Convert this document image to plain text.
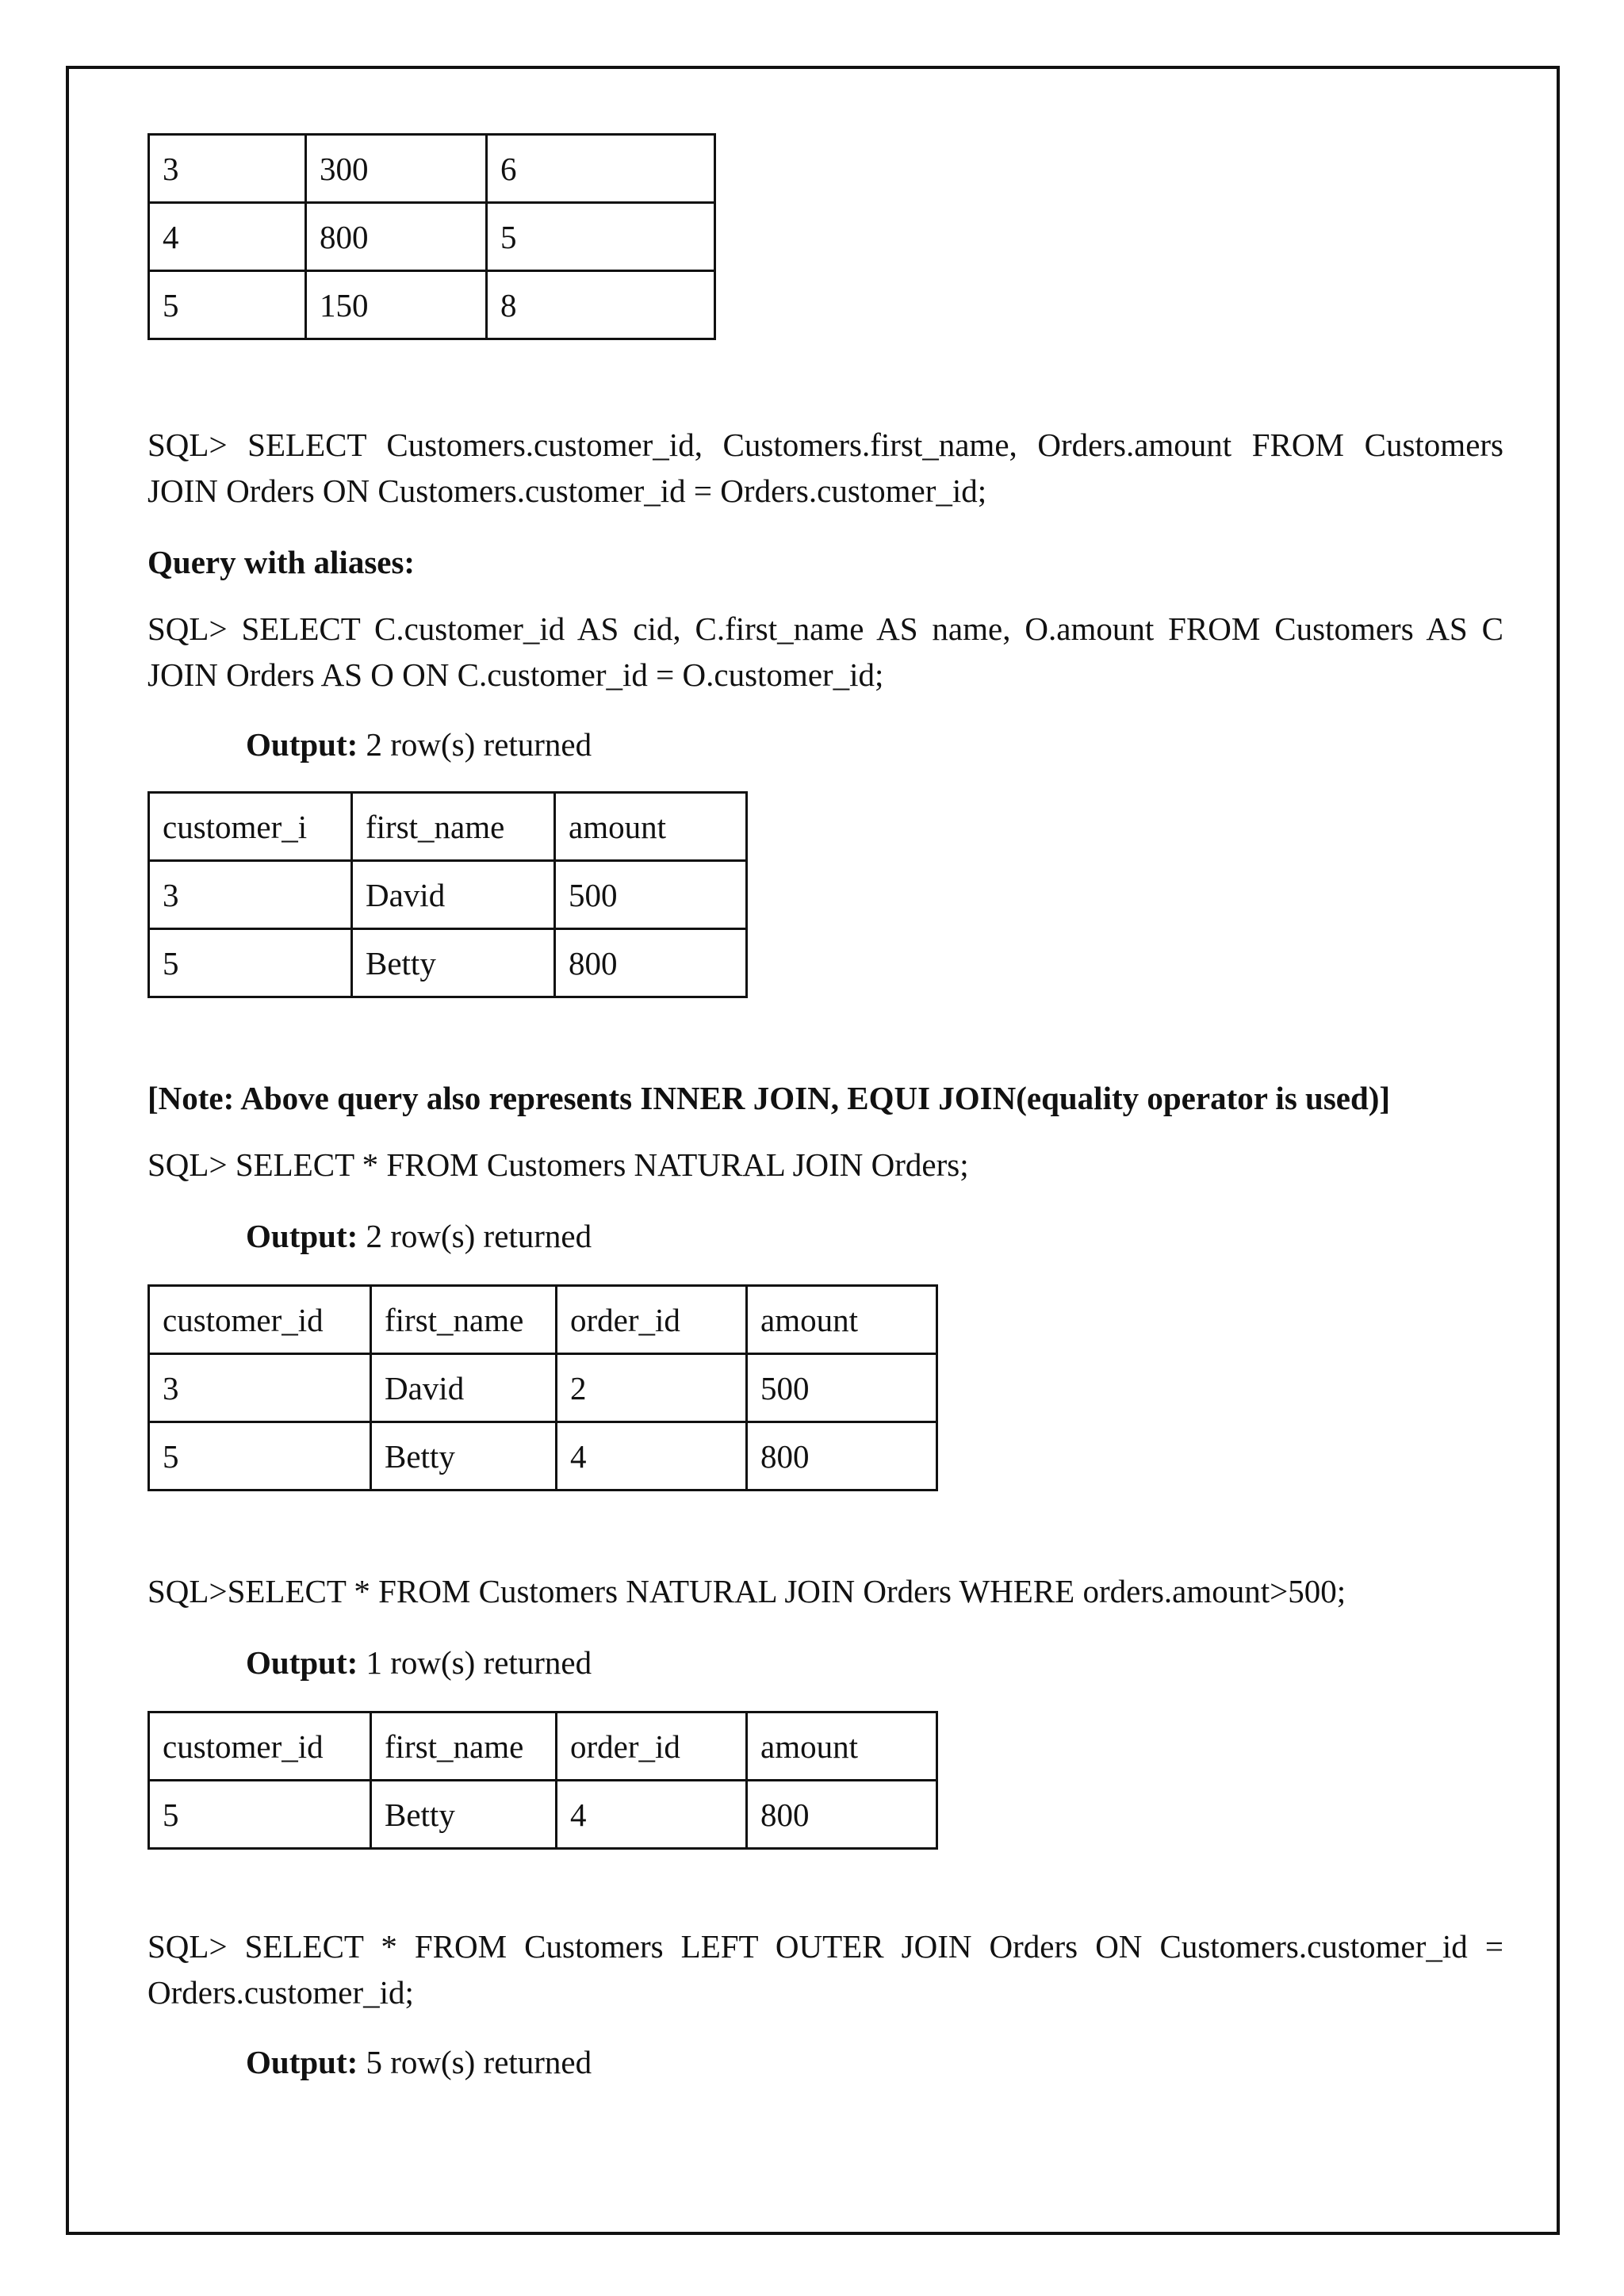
3	300	6
4	800	5
5	150	8

SQL> SELECT Customers.customer_id, Customers.first_name, Orders.amount FROM Customers JOIN Orders ON Customers.customer_id = Orders.customer_id;

Query with aliases:

SQL> SELECT C.customer_id AS cid, C.first_name AS name, O.amount FROM Customers AS C JOIN Orders AS O ON C.customer_id = O.customer_id;

Output: 2 row(s) returned

customer_i	first_name	amount
3	David	500
5	Betty	800

[Note: Above query also represents INNER JOIN, EQUI JOIN(equality operator is used)]

SQL> SELECT * FROM Customers NATURAL JOIN Orders;

Output: 2 row(s) returned

customer_id	first_name	order_id	amount
3	David	2	500
5	Betty	4	800

SQL>SELECT * FROM Customers NATURAL JOIN Orders WHERE orders.amount>500;

Output: 1 row(s) returned

customer_id	first_name	order_id	amount
5	Betty	4	800

SQL> SELECT * FROM Customers LEFT OUTER JOIN Orders ON Customers.customer_id = Orders.customer_id;

Output: 5 row(s) returned
